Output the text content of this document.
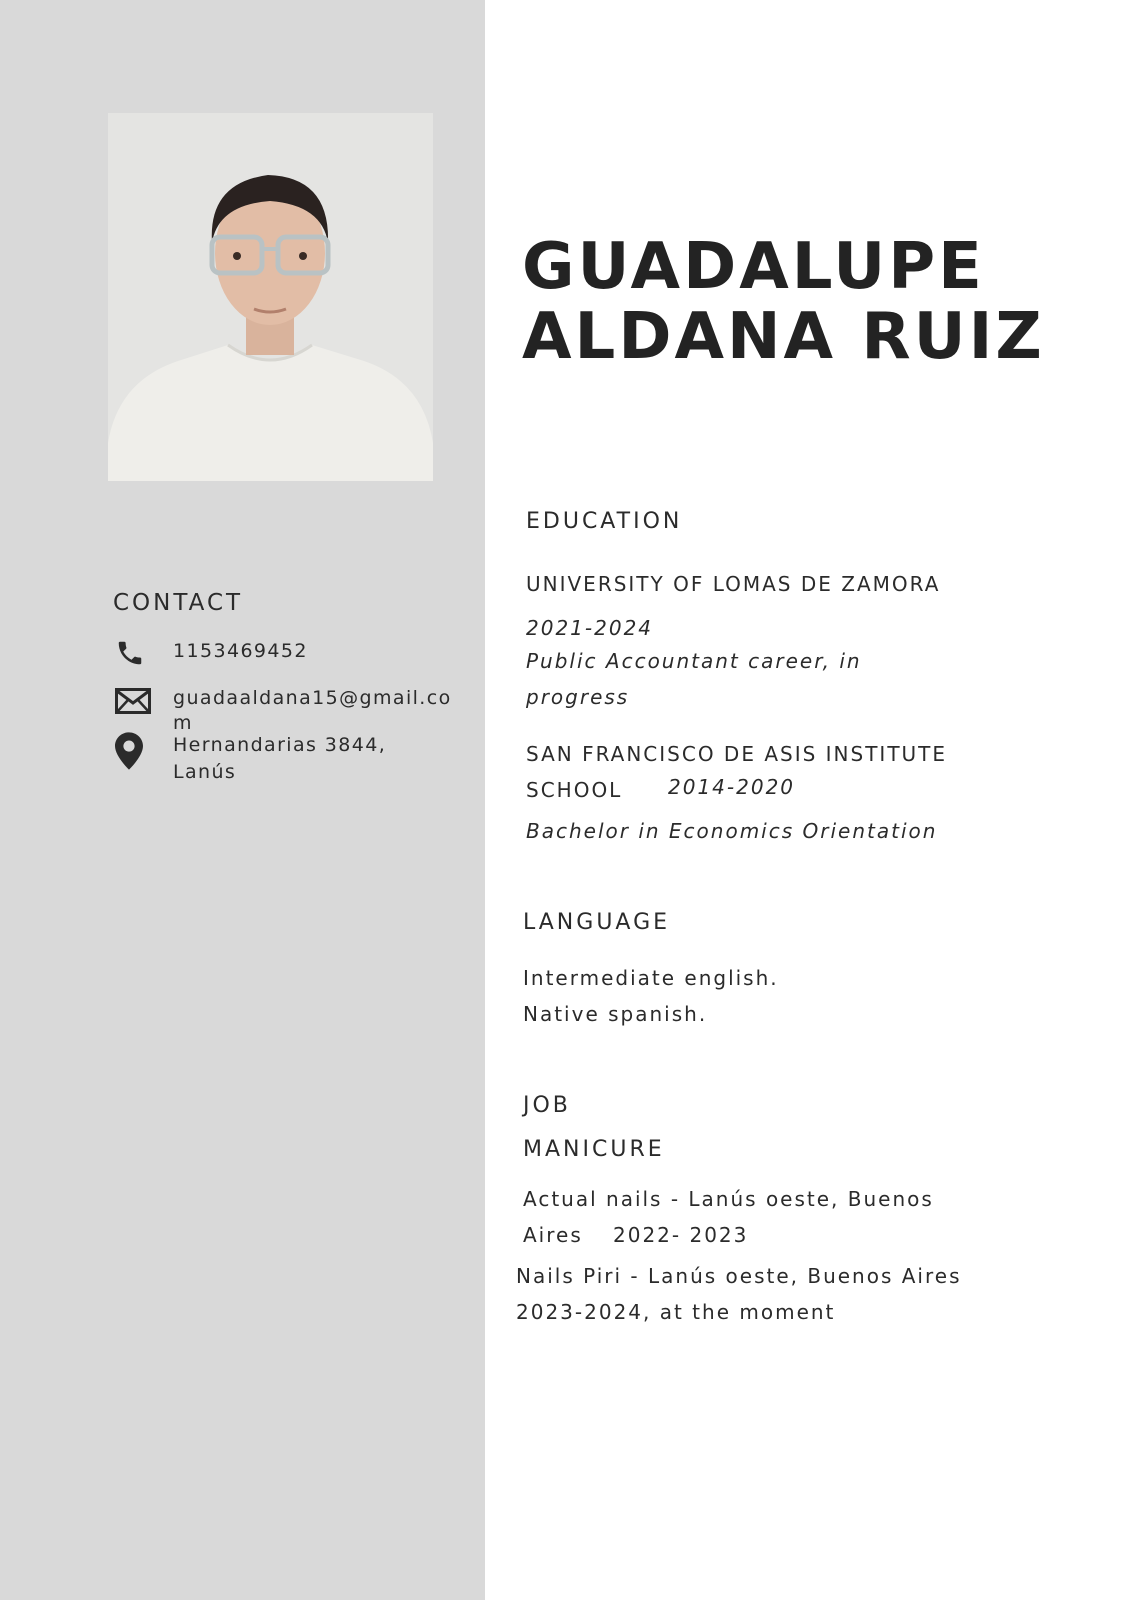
CONTACT
1153469452
guadaaldana15@gmail.com
Hernandarias 3844,
Lanús
GUADALUPE
ALDANA RUIZ
EDUCATION
UNIVERSITY OF LOMAS DE ZAMORA
2021-2024
Public Accountant career, in
progress
SAN FRANCISCO DE ASIS INSTITUTE
SCHOOL 2014-2020
Bachelor in Economics Orientation
LANGUAGE
Intermediate english.
Native spanish.
JOB
MANICURE
Actual nails - Lanús oeste, Buenos
Aires 2022- 2023
Nails Piri - Lanús oeste, Buenos Aires
2023-2024, at the moment
